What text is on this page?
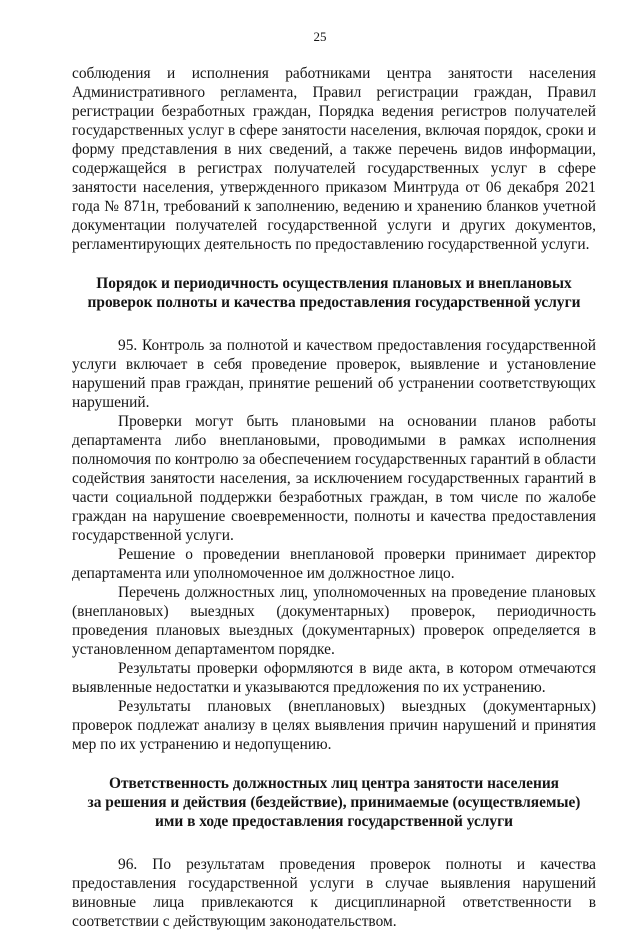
25

соблюдения и исполнения работниками центра занятости населения Административного регламента, Правил регистрации граждан, Правил регистрации безработных граждан, Порядка ведения регистров получателей государственных услуг в сфере занятости населения, включая порядок, сроки и форму представления в них сведений, а также перечень видов информации, содержащейся в регистрах получателей государственных услуг в сфере занятости населения, утвержденного приказом Минтруда от 06 декабря 2021 года № 871н, требований к заполнению, ведению и хранению бланков учетной документации получателей государственной услуги и других документов, регламентирующих деятельность по предоставлению государственной услуги.

Порядок и периодичность осуществления плановых и внеплановых
проверок полноты и качества предоставления государственной услуги

95. Контроль за полнотой и качеством предоставления государственной услуги включает в себя проведение проверок, выявление и установление нарушений прав граждан, принятие решений об устранении соответствующих нарушений.

Проверки могут быть плановыми на основании планов работы департамента либо внеплановыми, проводимыми в рамках исполнения полномочия по контролю за обеспечением государственных гарантий в области содействия занятости населения, за исключением государственных гарантий в части социальной поддержки безработных граждан, в том числе по жалобе граждан на нарушение своевременности, полноты и качества предоставления государственной услуги.

Решение о проведении внеплановой проверки принимает директор департамента или уполномоченное им должностное лицо.

Перечень должностных лиц, уполномоченных на проведение плановых (внеплановых) выездных (документарных) проверок, периодичность проведения плановых выездных (документарных) проверок определяется в установленном департаментом порядке.

Результаты проверки оформляются в виде акта, в котором отмечаются выявленные недостатки и указываются предложения по их устранению.

Результаты плановых (внеплановых) выездных (документарных) проверок подлежат анализу в целях выявления причин нарушений и принятия мер по их устранению и недопущению.

Ответственность должностных лиц центра занятости населения
за решения и действия (бездействие), принимаемые (осуществляемые)
ими в ходе предоставления государственной услуги

96. По результатам проведения проверок полноты и качества предоставления государственной услуги в случае выявления нарушений виновные лица привлекаются к дисциплинарной ответственности в соответствии с действующим законодательством.
